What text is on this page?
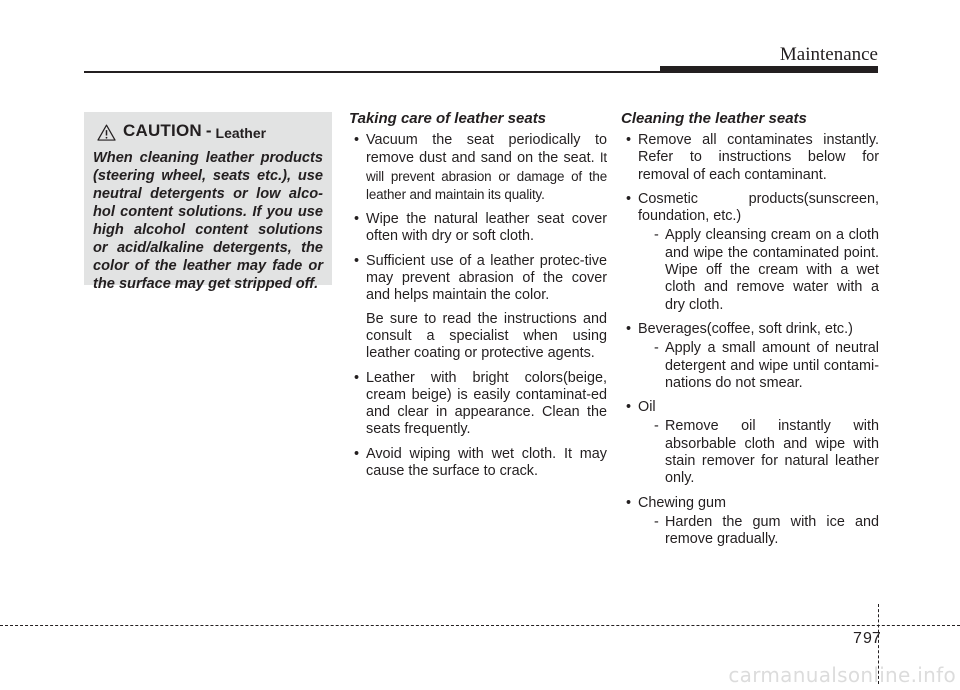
Maintenance
CAUTION - Leather

When cleaning leather products (steering wheel, seats etc.), use neutral detergents or low alco-hol content solutions. If you use high alcohol content solutions or acid/alkaline detergents, the color of the leather may fade or the surface may get stripped off.

Taking care of leather seats
• Vacuum the seat periodically to remove dust and sand on the seat. It will prevent abrasion or damage of the leather and maintain its quality.
• Wipe the natural leather seat cover often with dry or soft cloth.
• Sufficient use of a leather protec-tive may prevent abrasion of the cover and helps maintain the color.

Be sure to read the instructions and consult a specialist when using leather coating or protective agents.

• Leather with bright colors(beige, cream beige) is easily contaminat-ed and clear in appearance. Clean the seats frequently.
• Avoid wiping with wet cloth. It may cause the surface to crack.
Cleaning the leather seats
• Remove all contaminates instantly. Refer to instructions below for removal of each contaminant.
• Cosmetic products(sunscreen, foundation, etc.)
- Apply cleansing cream on a cloth and wipe the contaminated point. Wipe off the cream with a wet cloth and remove water with a dry cloth.
• Beverages(coffee, soft drink, etc.)
- Apply a small amount of neutral detergent and wipe until contami-nations do not smear.
• Oil
- Remove oil instantly with absorbable cloth and wipe with stain remover for natural leather only.
• Chewing gum
- Harden the gum with ice and remove gradually.
7 97
carmanualsonline.info
